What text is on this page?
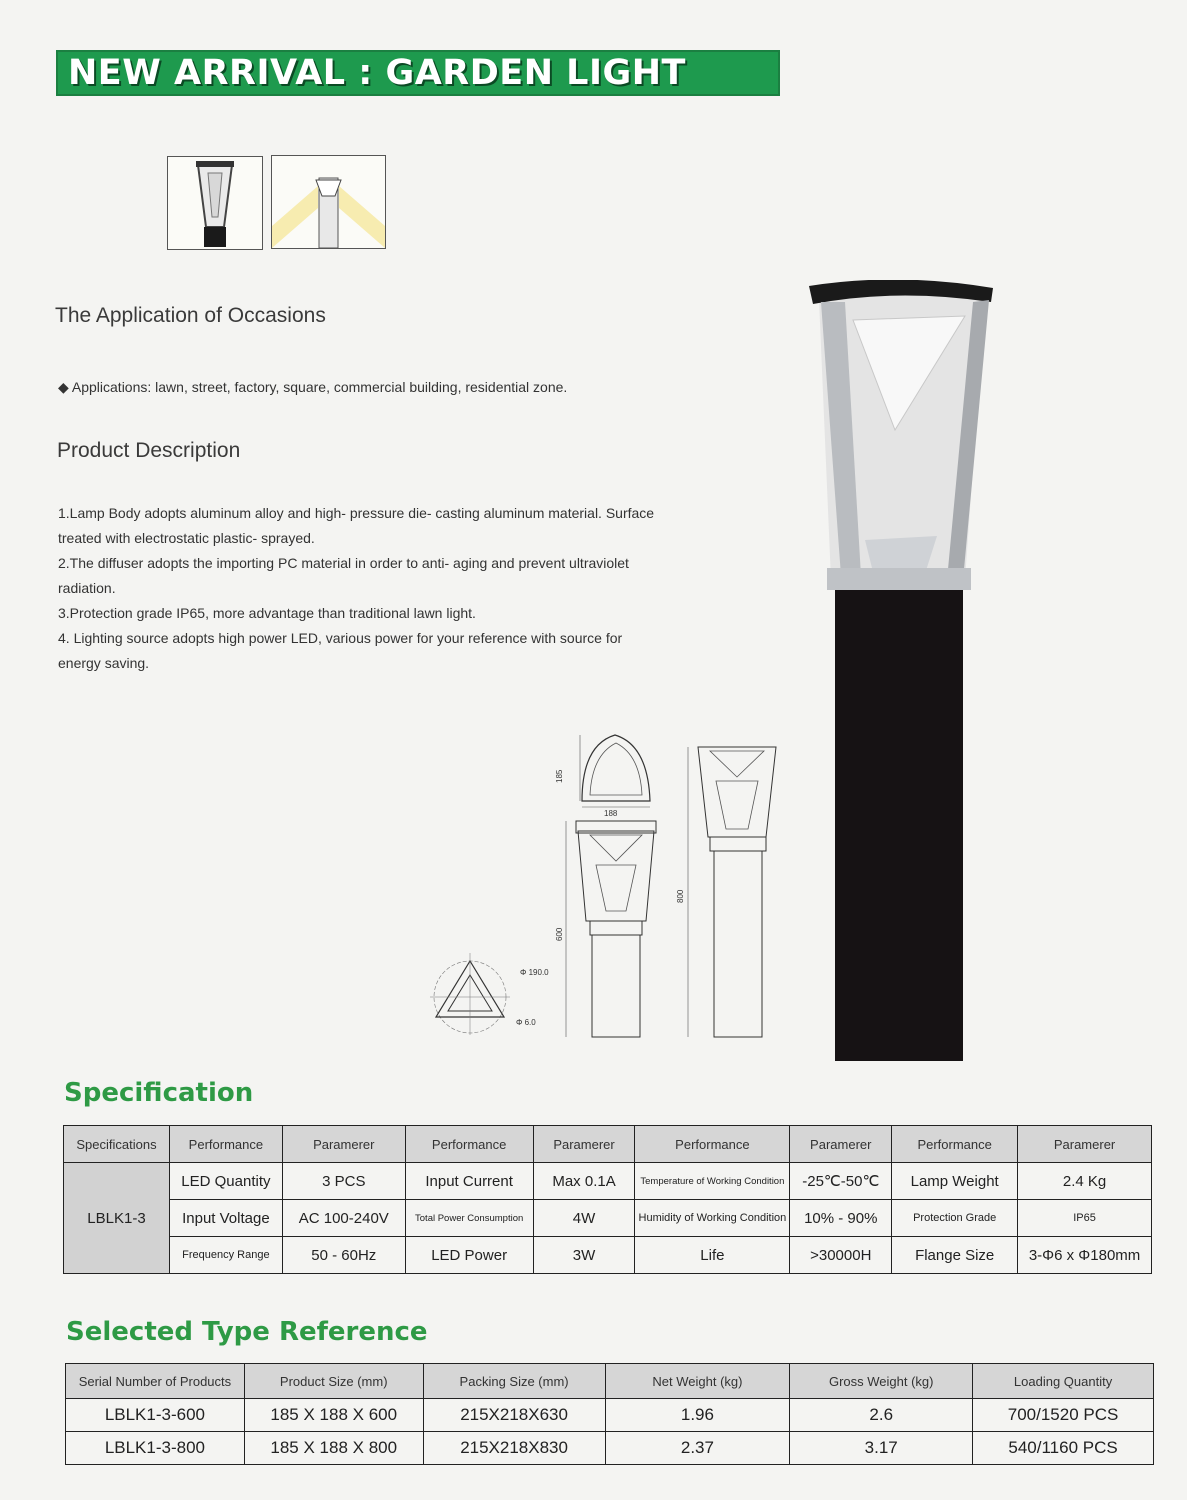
NEW ARRIVAL : GARDEN LIGHT
The Application of Occasions
◆ Applications: lawn, street, factory, square, commercial building, residential zone.
Product Description
1.Lamp Body adopts aluminum alloy and high- pressure die- casting aluminum material. Surface
treated with electrostatic plastic- sprayed.
2.The diffuser adopts the importing PC material in order to anti- aging and prevent ultraviolet
radiation.
3.Protection grade IP65, more advantage than traditional lawn light.
4. Lighting source adopts high power LED, various power for your reference with source for
energy saving.
185
188
600
800
Φ 190.0
Φ 6.0
Specification
Specifications	Performance	Paramerer	Performance	Paramerer	Performance	Paramerer	Performance	Paramerer
LBLK1-3	LED Quantity	3 PCS	Input Current	Max 0.1A	Temperature of Working Condition	-25℃-50℃	Lamp Weight	2.4 Kg
	Input Voltage	AC 100-240V	Total Power Consumption	4W	Humidity of Working Condition	10% - 90%	Protection Grade	IP65
	Frequency Range	50 - 60Hz	LED Power	3W	Life	>30000H	Flange Size	3-Φ6 x Φ180mm
Selected Type Reference
Serial Number of Products	Product Size (mm)	Packing Size (mm)	Net Weight (kg)	Gross Weight (kg)	Loading Quantity
LBLK1-3-600	185 X 188 X 600	215X218X630	1.96	2.6	700/1520 PCS
LBLK1-3-800	185 X 188 X 800	215X218X830	2.37	3.17	540/1160 PCS
